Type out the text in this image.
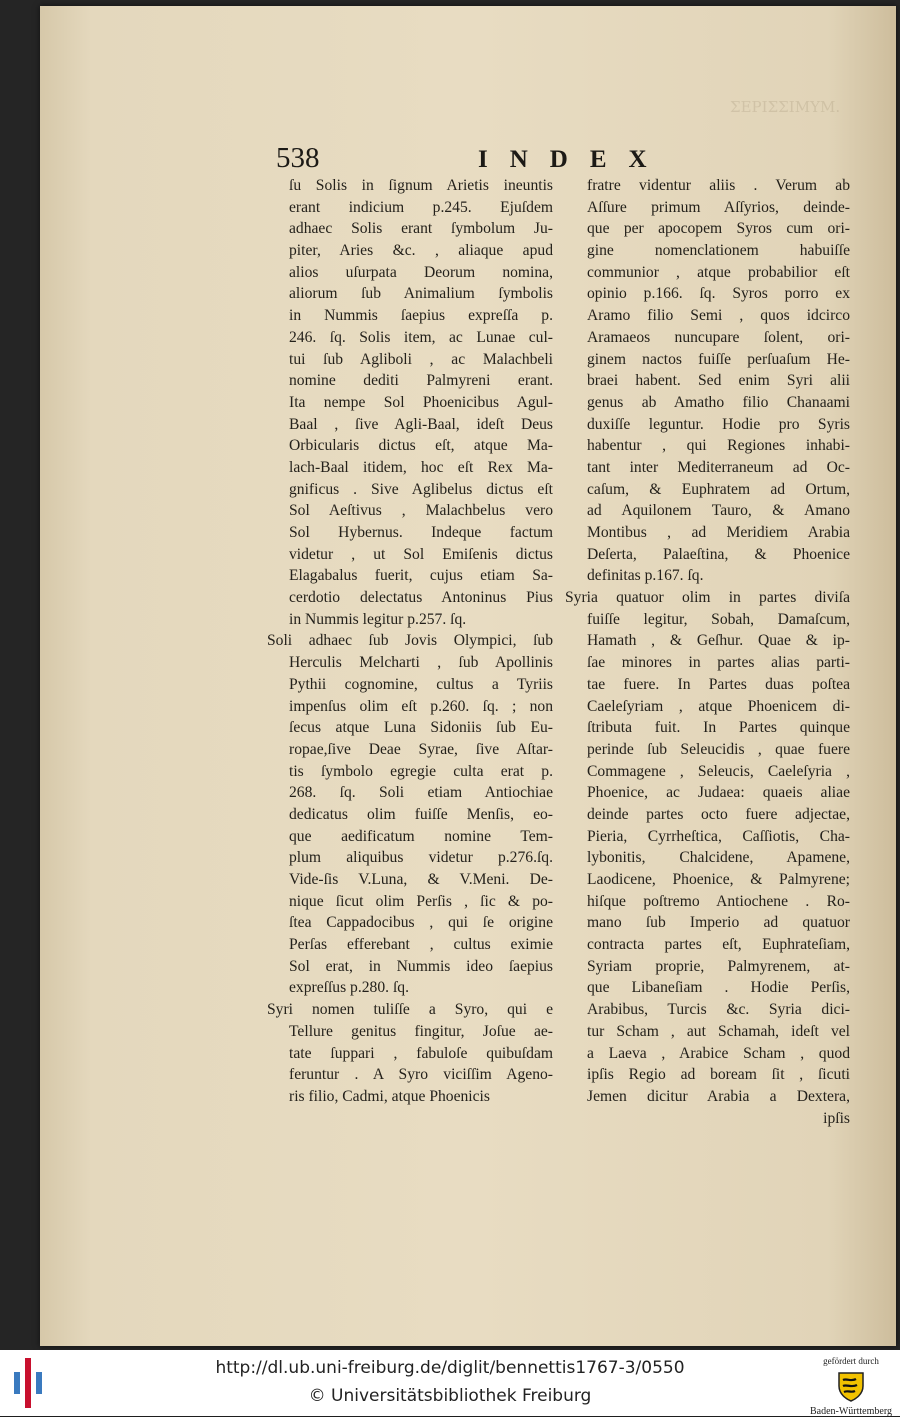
ΣΕΡΙΣΣΙΜΥΜ.
538	INDEX
ſu Solis in ſignum Arietis ineuntis
erant indicium p.245. Ejuſdem
adhaec Solis erant ſymbolum Ju-
piter, Aries &c. , aliaque apud
alios uſurpata Deorum nomina,
aliorum ſub Animalium ſymbolis
in Nummis ſaepius expreſſa p.
246. ſq. Solis item, ac Lunae cul-
tui ſub Agliboli , ac Malachbeli
nomine dediti Palmyreni erant.
Ita nempe Sol Phoenicibus Agul-
Baal , ſive Agli-Baal, ideſt Deus
Orbicularis dictus eſt, atque Ma-
lach-Baal itidem, hoc eſt Rex Ma-
gnificus . Sive Aglibelus dictus eſt
Sol Aeſtivus , Malachbelus vero
Sol Hybernus. Indeque factum
videtur , ut Sol Emiſenis dictus
Elagabalus fuerit, cujus etiam Sa-
cerdotio delectatus Antoninus Pius
in Nummis legitur p.257. ſq.
Soli adhaec ſub Jovis Olympici, ſub
Herculis Melcharti , ſub Apollinis
Pythii cognomine, cultus a Tyriis
impenſus olim eſt p.260. ſq. ; non
ſecus atque Luna Sidoniis ſub Eu-
ropae,ſive Deae Syrae, ſive Aſtar-
tis ſymbolo egregie culta erat p.
268. ſq. Soli etiam Antiochiae
dedicatus olim fuiſſe Menſis, eo-
que aedificatum nomine Tem-
plum aliquibus videtur p.276.ſq.
Vide-ſis V.Luna, & V.Meni. De-
nique ſicut olim Perſis , ſic & po-
ſtea Cappadocibus , qui ſe origine
Perſas efferebant , cultus eximie
Sol erat, in Nummis ideo ſaepius
expreſſus p.280. ſq.
Syri nomen tuliſſe a Syro, qui e
Tellure genitus fingitur, Joſue ae-
tate ſuppari , fabuloſe quibuſdam
feruntur . A Syro viciſſim Ageno-
ris filio, Cadmi, atque Phoenicis
fratre videntur aliis . Verum ab
Aſſure primum Aſſyrios, deinde-
que per apocopem Syros cum ori-
gine nomenclationem habuiſſe
communior , atque probabilior eſt
opinio p.166. ſq. Syros porro ex
Aramo filio Semi , quos idcirco
Aramaeos nuncupare ſolent, ori-
ginem nactos fuiſſe perſuaſum He-
braei habent. Sed enim Syri alii
genus ab Amatho filio Chanaami
duxiſſe leguntur. Hodie pro Syris
habentur , qui Regiones inhabi-
tant inter Mediterraneum ad Oc-
caſum, & Euphratem ad Ortum,
ad Aquilonem Tauro, & Amano
Montibus , ad Meridiem Arabia
Deſerta, Palaeſtina, & Phoenice
definitas p.167. ſq.
Syria quatuor olim in partes diviſa
fuiſſe legitur, Sobah, Damaſcum,
Hamath , & Geſhur. Quae & ip-
ſae minores in partes alias parti-
tae fuere. In Partes duas poſtea
Caeleſyriam , atque Phoenicem di-
ſtributa fuit. In Partes quinque
perinde ſub Seleucidis , quae fuere
Commagene , Seleucis, Caeleſyria ,
Phoenice, ac Judaea: quaeis aliae
deinde partes octo fuere adjectae,
Pieria, Cyrrheſtica, Caſſiotis, Cha-
lybonitis, Chalcidene, Apamene,
Laodicene, Phoenice, & Palmyrene;
hiſque poſtremo Antiochene . Ro-
mano ſub Imperio ad quatuor
contracta partes eſt, Euphrateſiam,
Syriam proprie, Palmyrenem, at-
que Libaneſiam . Hodie Perſis,
Arabibus, Turcis &c. Syria dici-
tur Scham , aut Schamah, ideſt vel
a Laeva , Arabice Scham , quod
ipſis Regio ad boream ſit , ſicuti
Jemen dicitur Arabia a Dextera,
ipſis
http://dl.ub.uni-freiburg.de/diglit/bennettis1767-3/0550
© Universitätsbibliothek Freiburg
gefördert durch
Baden-Württemberg
